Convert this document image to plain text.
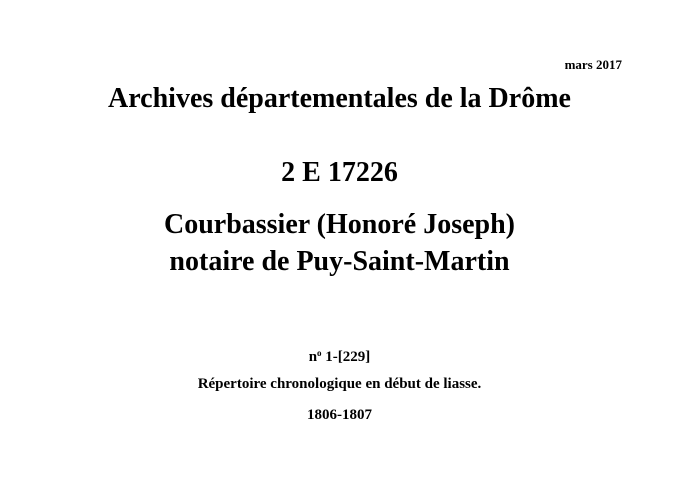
mars 2017
Archives départementales de la Drôme
2 E 17226
Courbassier (Honoré Joseph)
notaire de Puy-Saint-Martin
$n^o$ 1-[229]
Répertoire chronologique en début de liasse.
1806-1807
